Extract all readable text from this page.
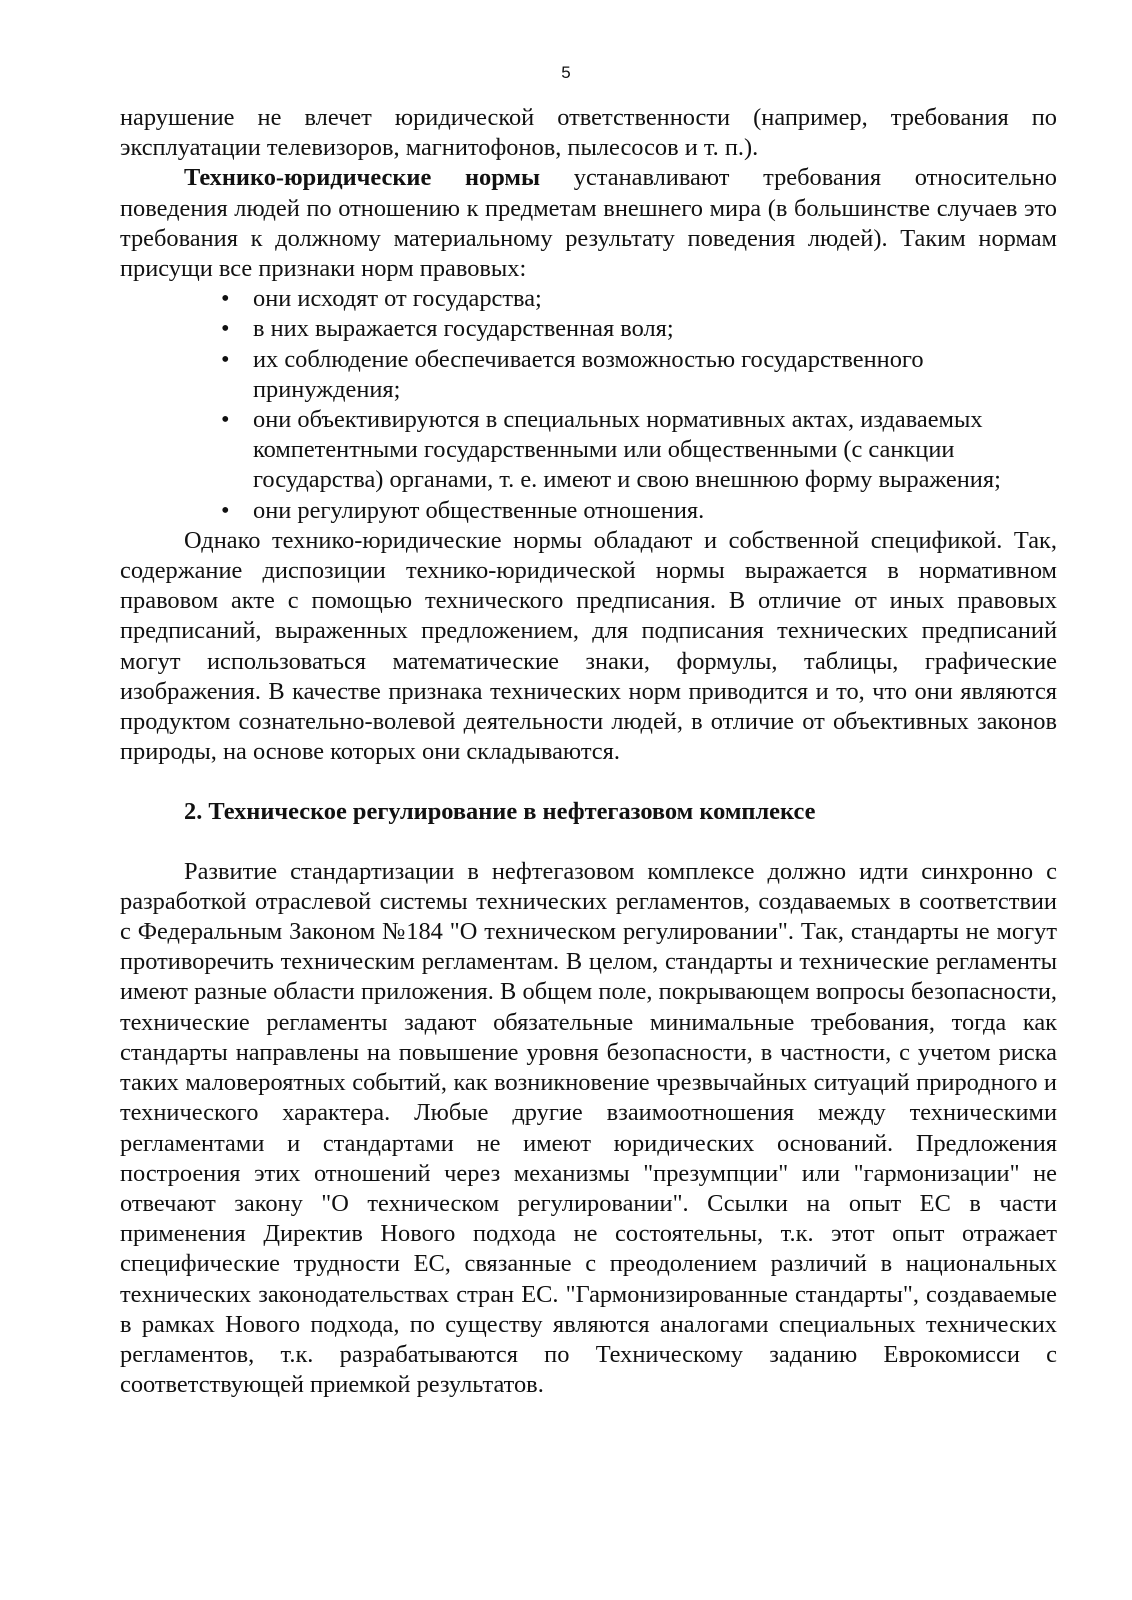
5

нарушение не влечет юридической ответственности (например, требования по эксплуатации телевизоров, магнитофонов, пылесосов и т. п.).

Технико-юридические нормы устанавливают требования относительно поведения людей по отношению к предметам внешнего мира (в большинстве случаев это требования к должному материальному результату поведения людей). Таким нормам присущи все признаки норм правовых:

• они исходят от государства;
• в них выражается государственная воля;
• их соблюдение обеспечивается возможностью государственного принуждения;
• они объективируются в специальных нормативных актах, издаваемых компетентными государственными или общественными (с санкции государства) органами, т. е. имеют и свою внешнюю форму выражения;
• они регулируют общественные отношения.

Однако технико-юридические нормы обладают и собственной спецификой. Так, содержание диспозиции технико-юридической нормы выражается в нормативном правовом акте с помощью технического предписания. В отличие от иных правовых предписаний, выраженных предложением, для подписания технических предписаний могут использоваться математические знаки, формулы, таблицы, графические изображения. В качестве признака технических норм приводится и то, что они являются продуктом сознательно-волевой деятельности людей, в отличие от объективных законов природы, на основе которых они складываются.

2. Техническое регулирование в нефтегазовом комплексе

Развитие стандартизации в нефтегазовом комплексе должно идти синхронно с разработкой отраслевой системы технических регламентов, создаваемых в соответствии с Федеральным Законом №184 "О техническом регулировании". Так, стандарты не могут противоречить техническим регламентам. В целом, стандарты и технические регламенты имеют разные области приложения. В общем поле, покрывающем вопросы безопасности, технические регламенты задают обязательные минимальные требования, тогда как стандарты направлены на повышение уровня безопасности, в частности, с учетом риска таких маловероятных событий, как возникновение чрезвычайных ситуаций природного и технического характера. Любые другие взаимоотношения между техническими регламентами и стандартами не имеют юридических оснований. Предложения построения этих отношений через механизмы "презумпции" или "гармонизации" не отвечают закону "О техническом регулировании". Ссылки на опыт ЕС в части применения Директив Нового подхода не состоятельны, т.к. этот опыт отражает специфические трудности ЕС, связанные с преодолением различий в национальных технических законодательствах стран ЕС. "Гармонизированные стандарты", создаваемые в рамках Нового подхода, по существу являются аналогами специальных технических регламентов, т.к. разрабатываются по Техническому заданию Еврокомисси с соответствующей приемкой результатов.
